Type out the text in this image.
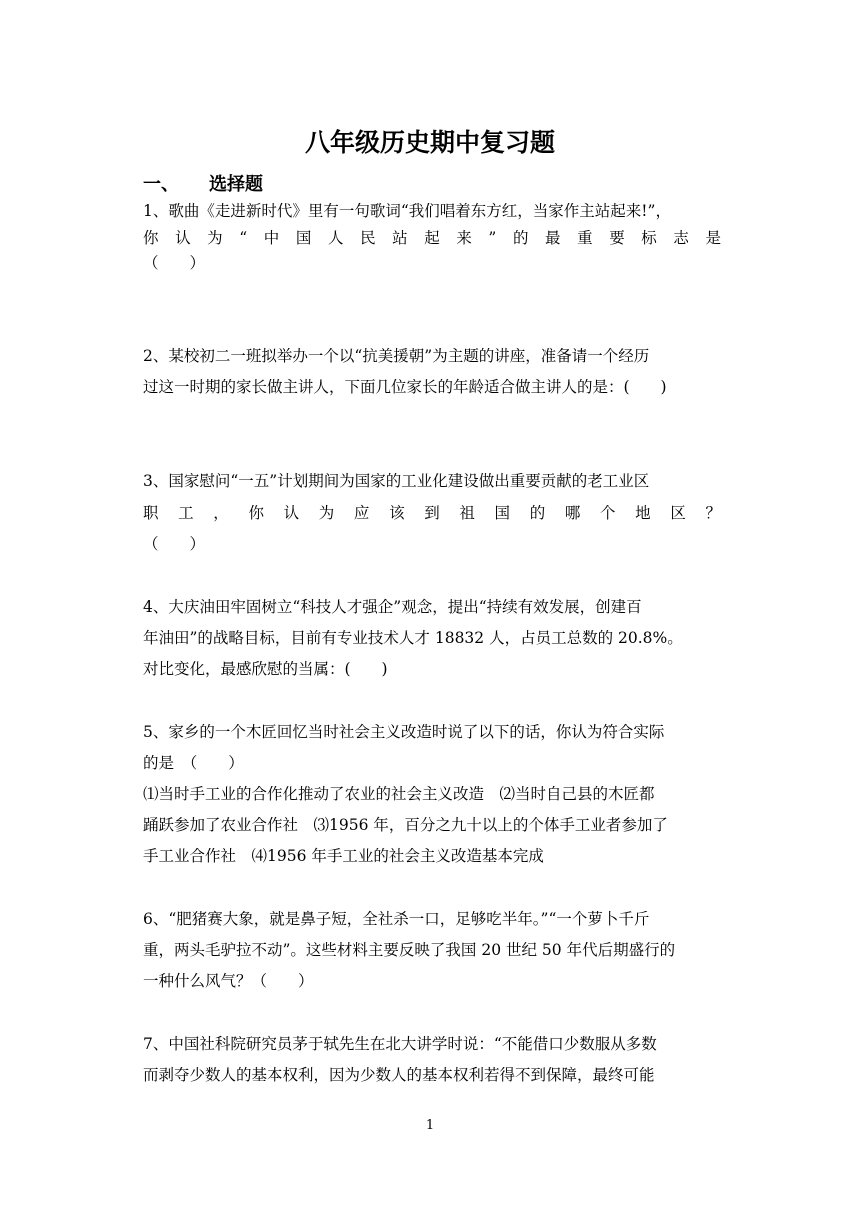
八年级历史期中复习题
一、 选择题
1、歌曲《走进新时代》里有一句歌词“我们唱着东方红，当家作主站起来!”，
你认为“中国人民站起来”的最重要标志是
（　　）
2、某校初二一班拟举办一个以“抗美援朝”为主题的讲座，准备请一个经历
过这一时期的家长做主讲人，下面几位家长的年龄适合做主讲人的是：(　　)
3、国家慰问“一五”计划期间为国家的工业化建设做出重要贡献的老工业区
职工，你认为应该到祖国的哪个地区？
（　　）
4、大庆油田牢固树立“科技人才强企”观念，提出“持续有效发展，创建百
年油田”的战略目标，目前有专业技术人才 18832 人，占员工总数的 20.8%。
对比变化，最感欣慰的当属：(　　)
5、家乡的一个木匠回忆当时社会主义改造时说了以下的话，你认为符合实际
的是　（　　）
⑴当时手工业的合作化推动了农业的社会主义改造　⑵当时自己县的木匠都
踊跃参加了农业合作社　⑶1956 年，百分之九十以上的个体手工业者参加了
手工业合作社　⑷1956 年手工业的社会主义改造基本完成
6、“肥猪赛大象，就是鼻子短，全社杀一口，足够吃半年。”“一个萝卜千斤
重，两头毛驴拉不动”。这些材料主要反映了我国 20 世纪 50 年代后期盛行的
一种什么风气？（　　）
7、中国社科院研究员茅于轼先生在北大讲学时说：“不能借口少数服从多数
而剥夺少数人的基本权利，因为少数人的基本权利若得不到保障，最终可能
1
